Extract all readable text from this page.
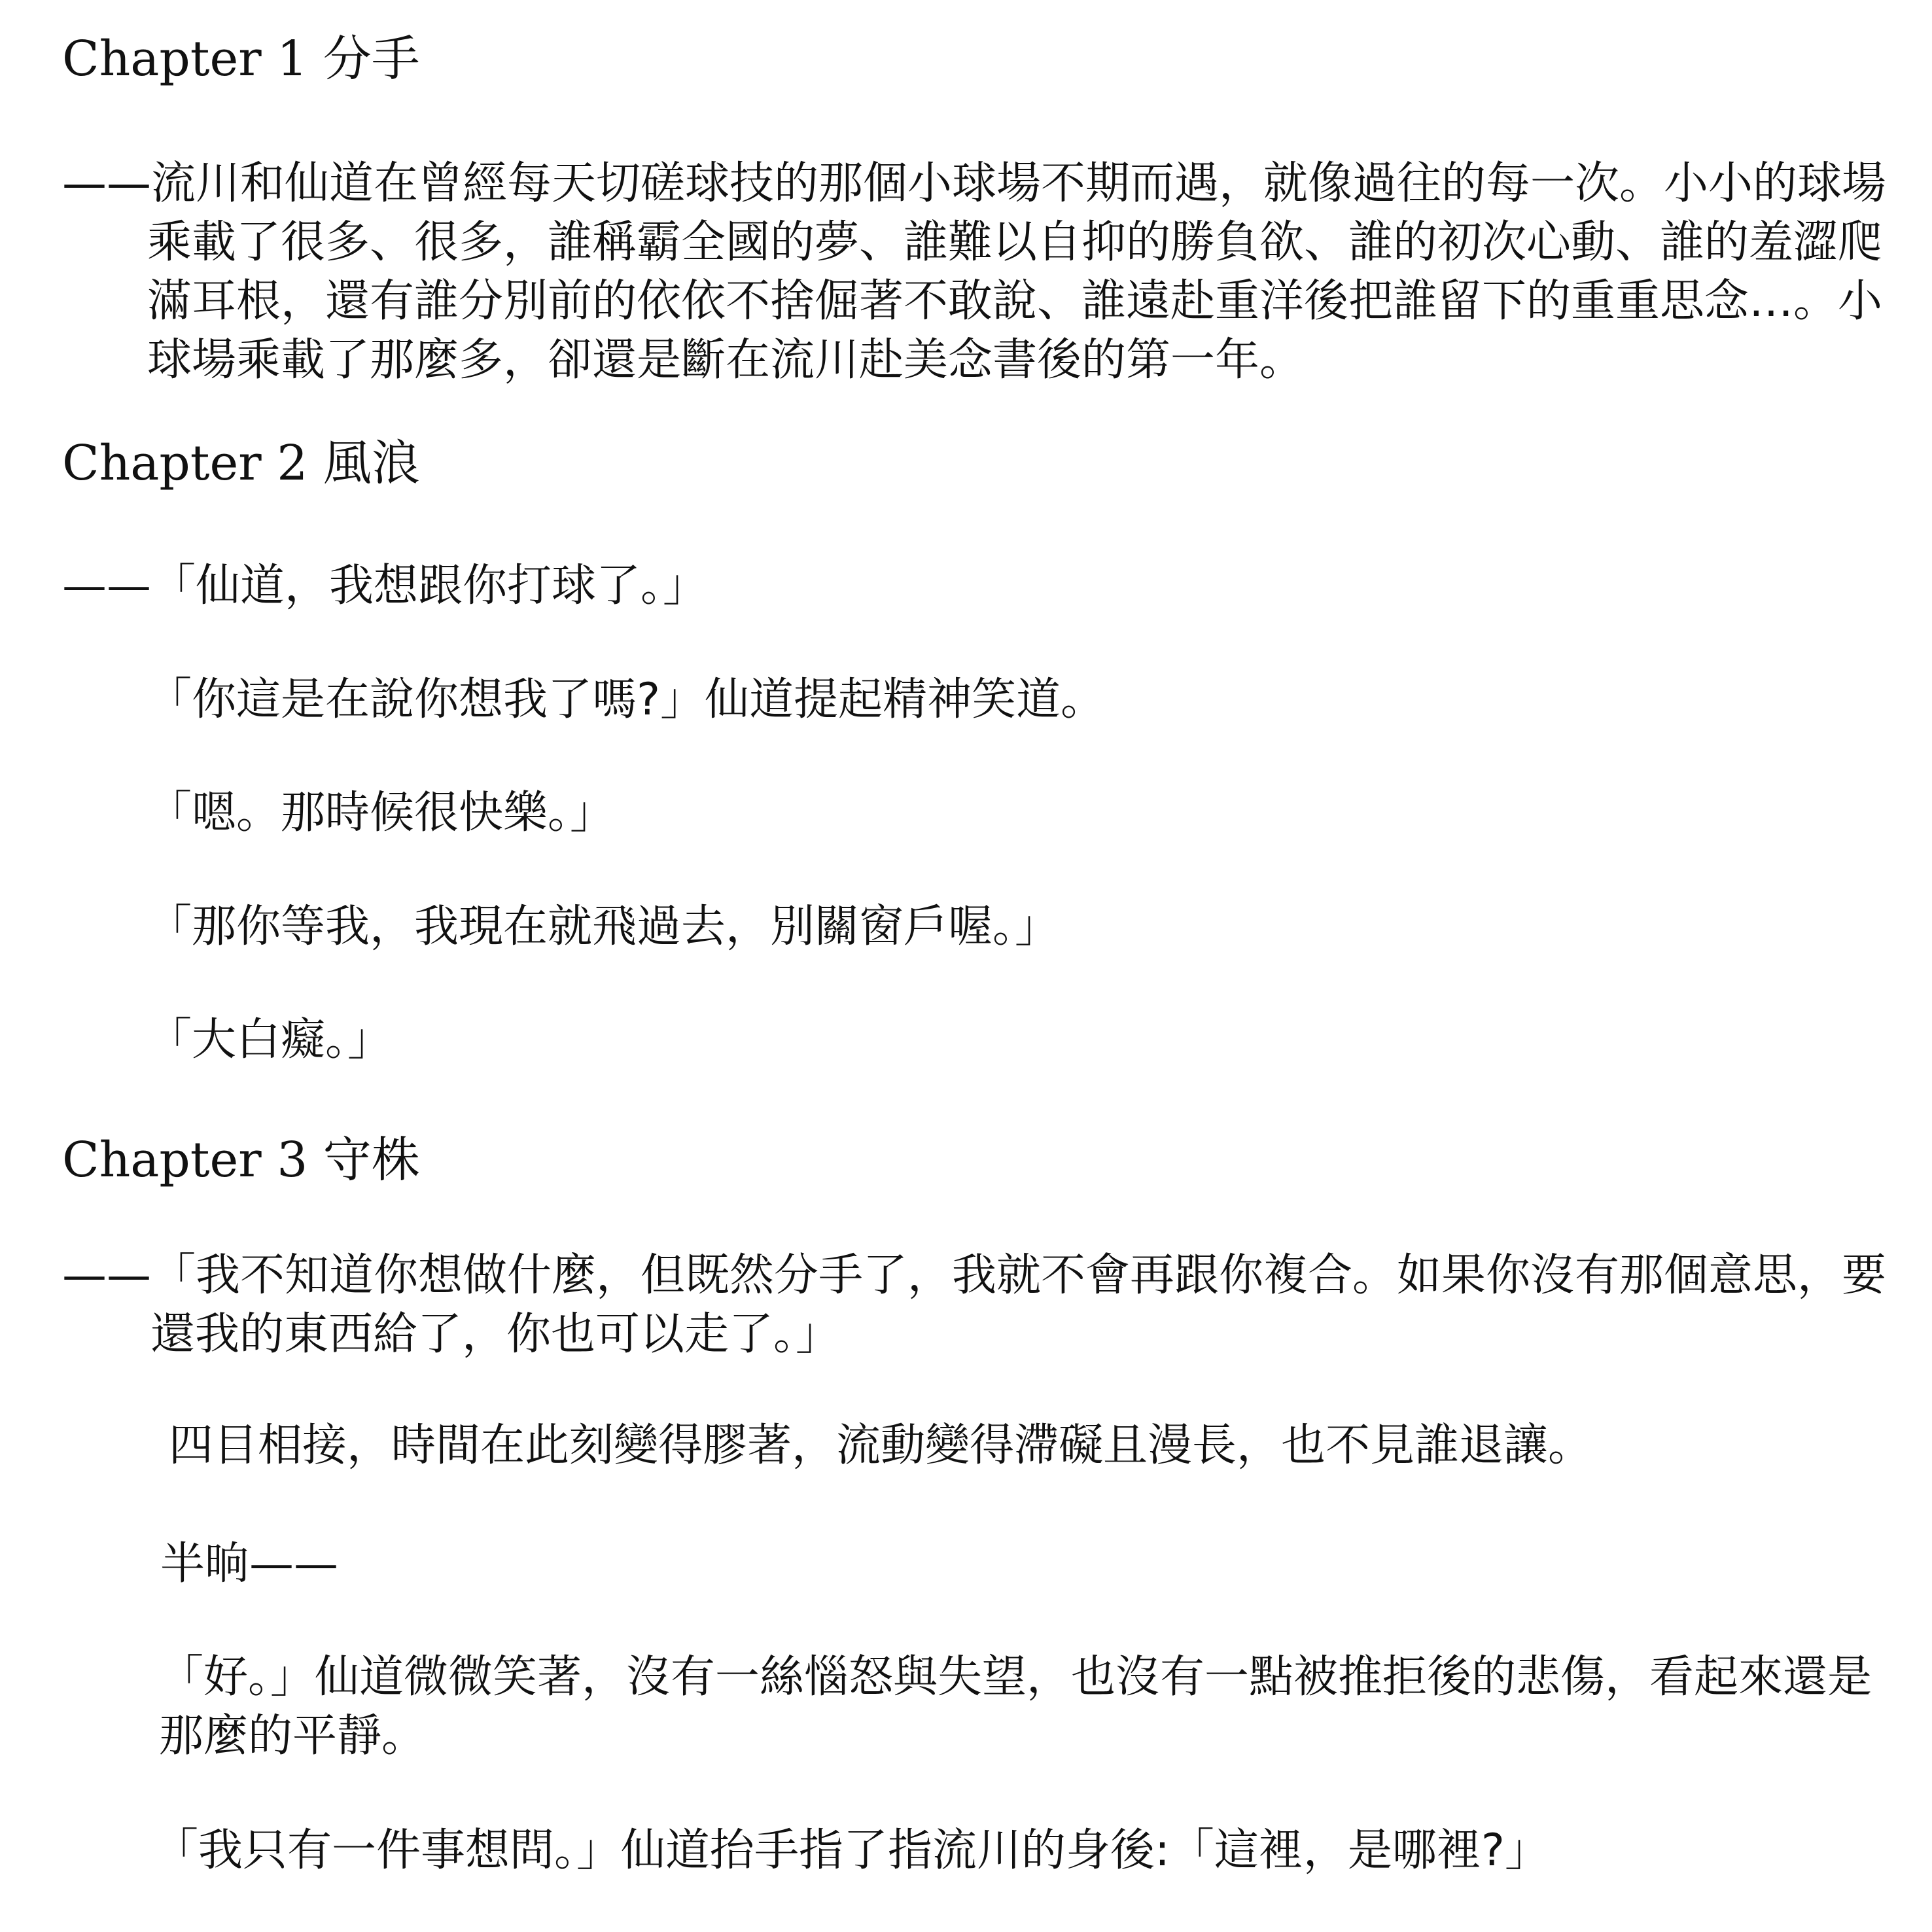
Chapter 1 分手

——流川和仙道在曾經每天切磋球技的那個小球場不期而遇，就像過往的每一次。小小的球場乘載了很多、很多，誰稱霸全國的夢、誰難以自抑的勝負欲、誰的初次心動、誰的羞澀爬滿耳根，還有誰分別前的依依不捨倔著不敢說、誰遠赴重洋後把誰留下的重重思念…。小球場乘載了那麼多，卻還是斷在流川赴美念書後的第一年。

Chapter 2 風浪

——「仙道，我想跟你打球了。」

「你這是在說你想我了嗎?」仙道提起精神笑道。

「嗯。那時候很快樂。」

「那你等我，我現在就飛過去，別關窗戶喔。」

「大白癡。」

Chapter 3 守株

——「我不知道你想做什麼，但既然分手了，我就不會再跟你複合。如果你沒有那個意思，要還我的東西給了，你也可以走了。」

四目相接，時間在此刻變得膠著，流動變得滯礙且漫長，也不見誰退讓。

半晌——

「好。」仙道微微笑著，沒有一絲惱怒與失望，也沒有一點被推拒後的悲傷，看起來還是那麼的平靜。

「我只有一件事想問。」仙道抬手指了指流川的身後:「這裡，是哪裡?」
